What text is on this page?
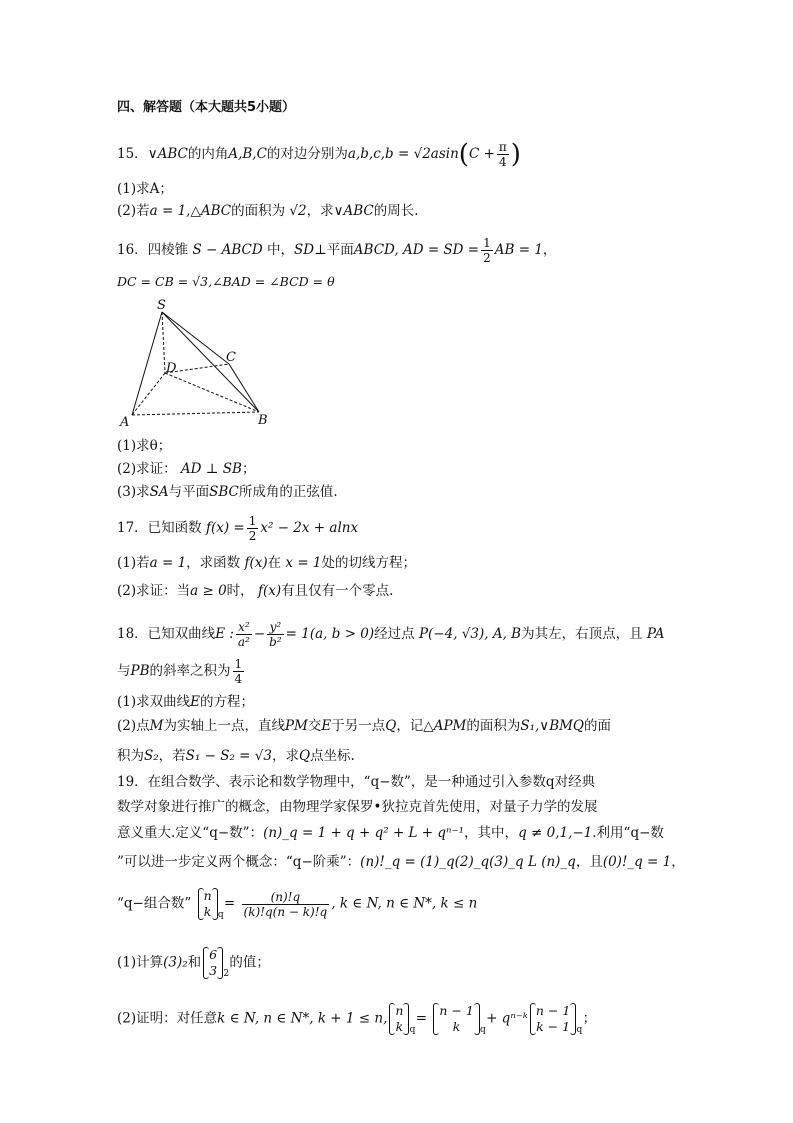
四、解答题（本大题共5小题）
15．∨ABC的内角A,B,C的对边分别为$a,b,c,b = √2asin(C + \frac{\pi}{4}$ )
(1)求A；
(2)若a = 1,△ABC的面积为 √2，求∨ABC的周长.
16．四棱锥 S − ABCD 中，SD⊥平面ABCD, AD = SD = $\frac{1}{2}$ AB = 1，
DC = CB = √3,∠BAD = ∠BCD = θ
S
C
D
A	B
(1)求θ；
(2)求证： AD ⊥ SB；
(3)求SA与平面SBC所成角的正弦值.
17．已知函数 $f(x) = \frac{1}{2} x^2 - 2x + alnx$
(1)若a = 1，求函数 f(x)在 x = 1处的切线方程；
(2)求证：当a ≥ 0时， f(x)有且仅有一个零点.
18．已知双曲线E : $\frac{\text{x²}}{\text{a²}} - \frac{\text{y²}}{\text{b²}} = 1(a$, b > 0)经过点 P(−4, √3), A, B为其左，右顶点，且 PA
与PB的斜率之积为 $\frac{1}{4}$
(1)求双曲线E的方程；
(2)点M为实轴上一点，直线PM交E于另一点Q，记△APM的面积为S₁,∨BMQ的面
积为S₂，若S₁ − S₂ = √3，求Q点坐标.
19．在组合数学、表示论和数学物理中，“q−数”，是一种通过引入参数q对经典
数学对象进行推广的概念，由物理学家保罗•狄拉克首先使用，对量子力学的发展
意义重大.定义“q−数”：(n)_q = 1 + q + q² + L + qⁿ⁻¹，其中，q ≠ 0,1,−1.利用“q−数
”可以进一步定义两个概念：“q−阶乘”：(n)!_q = (1)_q(2)_q(3)_q L (n)_q，且(0)!_q = 1，
“q−组合数” n
k q
= $\frac{(n)!q}{(k)!q(n - k)!q}$ , k ∈ N, n ∈ N*, k ≤ n
(1)计算(3)₂和 6
3 2
的值；
(2)证明：对任意k ∈ N, n ∈ N*, k + 1 ≤ n, n
k q
= n − 1
k q
+ qⁿ⁻ᵏ n − 1
k − 1 q
；
